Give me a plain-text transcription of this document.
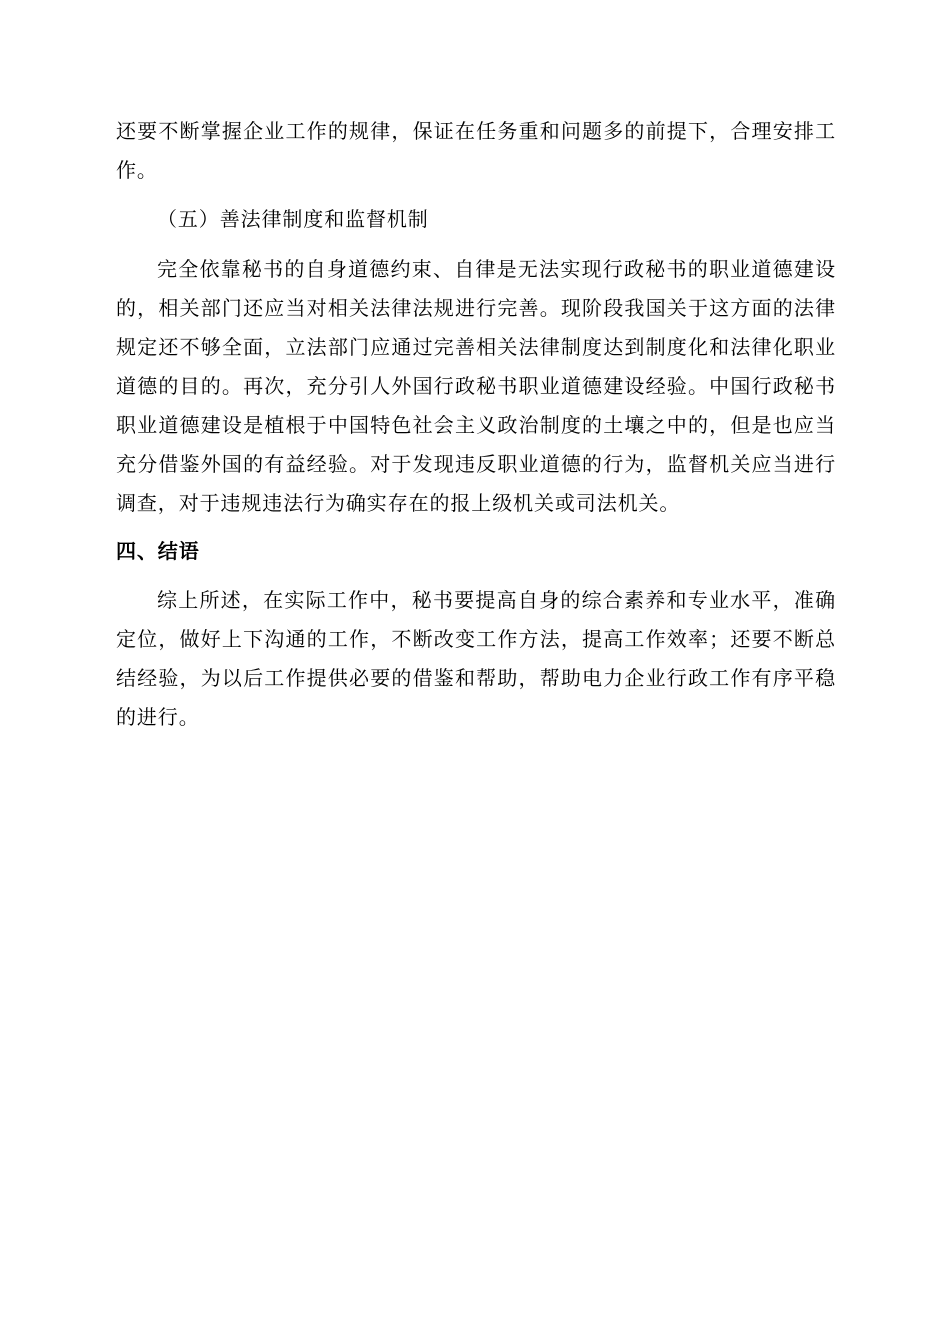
还要不断掌握企业工作的规律，保证在任务重和问题多的前提下，合理安排工作。

（五）善法律制度和监督机制

完全依靠秘书的自身道德约束、自律是无法实现行政秘书的职业道德建设的，相关部门还应当对相关法律法规进行完善。现阶段我国关于这方面的法律规定还不够全面，立法部门应通过完善相关法律制度达到制度化和法律化职业道德的目的。再次，充分引人外国行政秘书职业道德建设经验。中国行政秘书职业道德建设是植根于中国特色社会主义政治制度的土壤之中的，但是也应当充分借鉴外国的有益经验。对于发现违反职业道德的行为，监督机关应当进行调查，对于违规违法行为确实存在的报上级机关或司法机关。

四、结语

综上所述，在实际工作中，秘书要提高自身的综合素养和专业水平，准确定位，做好上下沟通的工作，不断改变工作方法，提高工作效率；还要不断总结经验，为以后工作提供必要的借鉴和帮助，帮助电力企业行政工作有序平稳的进行。
